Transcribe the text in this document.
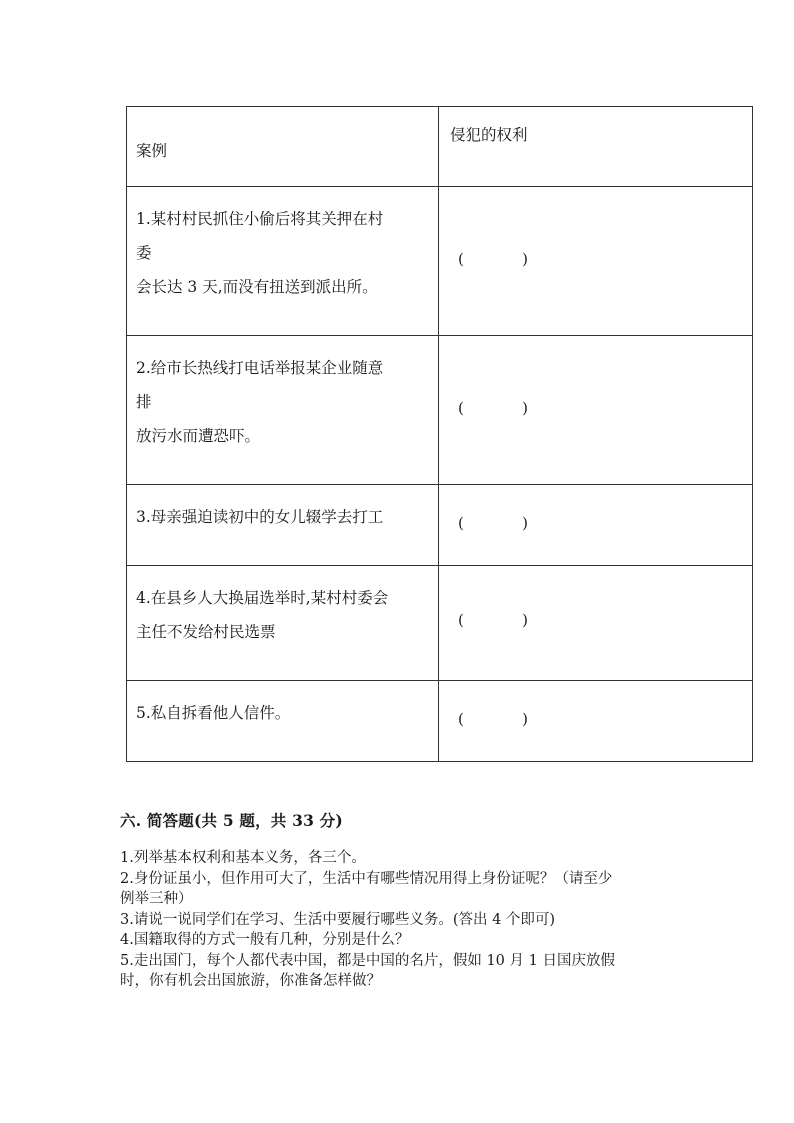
案例	侵犯的权利

1.某村村民抓住小偷后将其关押在村
委
会长达 3 天,而没有扭送到派出所。	( )

2.给市长热线打电话举报某企业随意
排
放污水而遭恐吓。	( )

3.母亲强迫读初中的女儿辍学去打工	( )

4.在县乡人大换届选举时,某村村委会
主任不发给村民选票	( )

5.私自拆看他人信件。	( )
六. 简答题(共 5 题，共 33 分)
1.列举基本权利和基本义务，各三个。
2.身份证虽小，但作用可大了，生活中有哪些情况用得上身份证呢？（请至少
例举三种）
3.请说一说同学们在学习、生活中要履行哪些义务。(答出 4 个即可)
4.国籍取得的方式一般有几种，分别是什么？
5.走出国门，每个人都代表中国，都是中国的名片，假如 10 月 1 日国庆放假
时，你有机会出国旅游，你准备怎样做？
